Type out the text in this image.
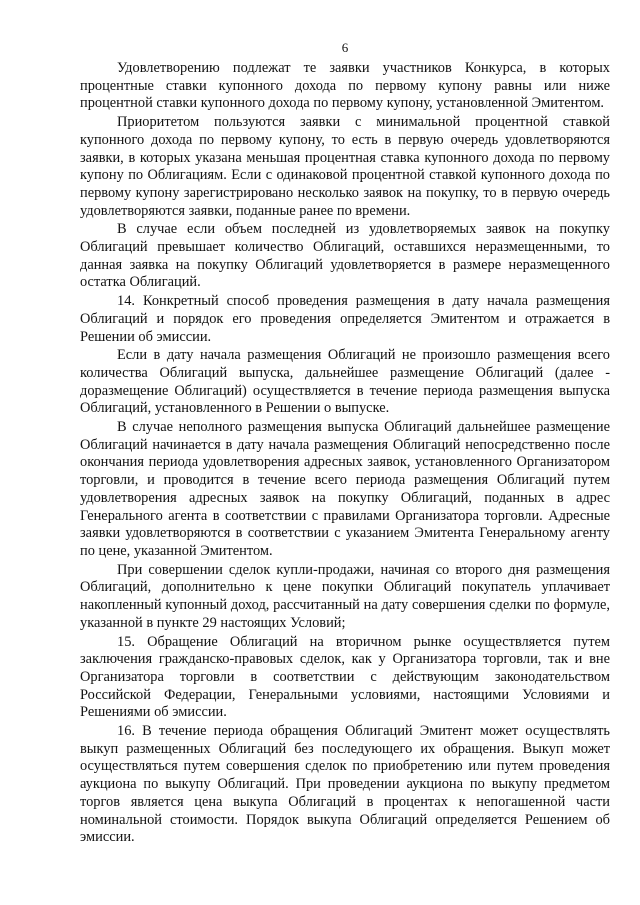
6

Удовлетворению подлежат те заявки участников Конкурса, в которых процентные ставки купонного дохода по первому купону равны или ниже процентной ставки купонного дохода по первому купону, установленной Эмитентом.

Приоритетом пользуются заявки с минимальной процентной ставкой купонного дохода по первому купону, то есть в первую очередь удовлетворяются заявки, в которых указана меньшая процентная ставка купонного дохода по первому купону по Облигациям. Если с одинаковой процентной ставкой купонного дохода по первому купону зарегистрировано несколько заявок на покупку, то в первую очередь удовлетворяются заявки, поданные ранее по времени.

В случае если объем последней из удовлетворяемых заявок на покупку Облигаций превышает количество Облигаций, оставшихся неразмещенными, то данная заявка на покупку Облигаций удовлетворяется в размере неразмещенного остатка Облигаций.

14. Конкретный способ проведения размещения в дату начала размещения Облигаций и порядок его проведения определяется Эмитентом и отражается в Решении об эмиссии.

Если в дату начала размещения Облигаций не произошло размещения всего количества Облигаций выпуска, дальнейшее размещение Облигаций (далее - доразмещение Облигаций) осуществляется в течение периода размещения выпуска Облигаций, установленного в Решении о выпуске.

В случае неполного размещения выпуска Облигаций дальнейшее размещение Облигаций начинается в дату начала размещения Облигаций непосредственно после окончания периода удовлетворения адресных заявок, установленного Организатором торговли, и проводится в течение всего периода размещения Облигаций путем удовлетворения адресных заявок на покупку Облигаций, поданных в адрес Генерального агента в соответствии с правилами Организатора торговли. Адресные заявки удовлетворяются в соответствии с указанием Эмитента Генеральному агенту по цене, указанной Эмитентом.

При совершении сделок купли-продажи, начиная со второго дня размещения Облигаций, дополнительно к цене покупки Облигаций покупатель уплачивает накопленный купонный доход, рассчитанный на дату совершения сделки по формуле, указанной в пункте 29 настоящих Условий;

15. Обращение Облигаций на вторичном рынке осуществляется путем заключения гражданско-правовых сделок, как у Организатора торговли, так и вне Организатора торговли в соответствии с действующим законодательством Российской Федерации, Генеральными условиями, настоящими Условиями и Решениями об эмиссии.

16. В течение периода обращения Облигаций Эмитент может осуществлять выкуп размещенных Облигаций без последующего их обращения. Выкуп может осуществляться путем совершения сделок по приобретению или путем проведения аукциона по выкупу Облигаций. При проведении аукциона по выкупу предметом торгов является цена выкупа Облигаций в процентах к непогашенной части номинальной стоимости. Порядок выкупа Облигаций определяется Решением об эмиссии.
